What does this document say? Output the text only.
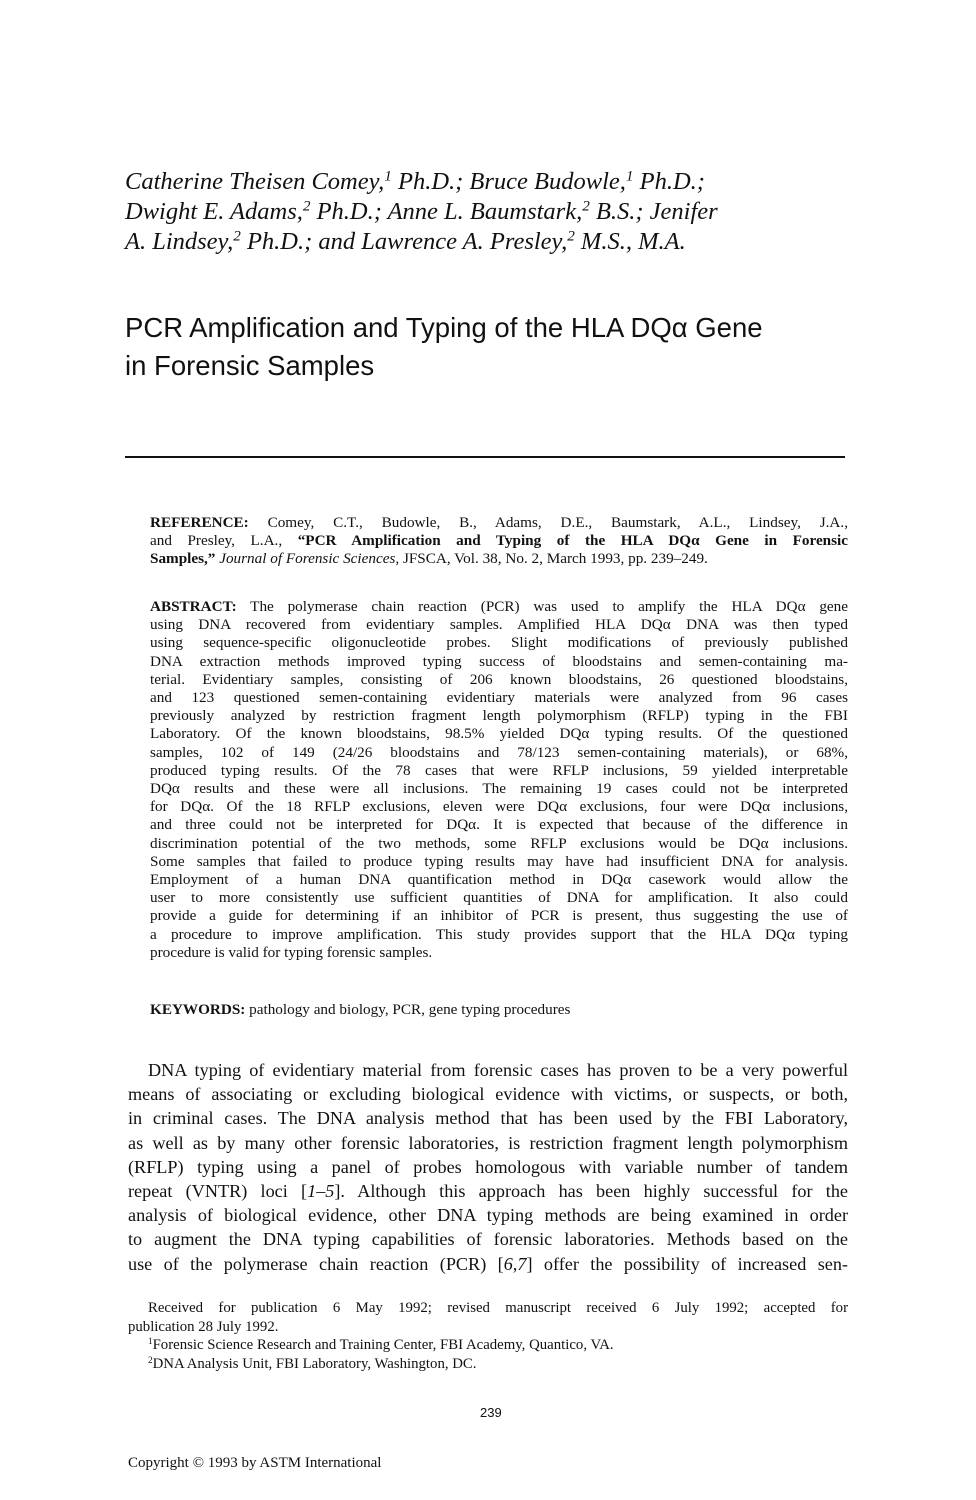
Catherine Theisen Comey,$^1$ Ph.D.; Bruce Budowle,$^1$ Ph.D.;
Dwight E. Adams,$^2$ Ph.D.; Anne L. Baumstark,$^2$ B.S.; Jenifer
A. Lindsey,$^2$ Ph.D.; and Lawrence A. Presley,$^2$ M.S., M.A.
PCR Amplification and Typing of the HLA DQα Gene
in Forensic Samples
REFERENCE: Comey, C.T., Budowle, B., Adams, D.E., Baumstark, A.L., Lindsey, J.A.,
and Presley, L.A., “PCR Amplification and Typing of the HLA DQα Gene in Forensic
Samples,” Journal of Forensic Sciences, JFSCA, Vol. 38, No. 2, March 1993, pp. 239–249.
ABSTRACT: The polymerase chain reaction (PCR) was used to amplify the HLA DQα gene
using DNA recovered from evidentiary samples. Amplified HLA DQα DNA was then typed
using sequence-specific oligonucleotide probes. Slight modifications of previously published
DNA extraction methods improved typing success of bloodstains and semen-containing ma-
terial. Evidentiary samples, consisting of 206 known bloodstains, 26 questioned bloodstains,
and 123 questioned semen-containing evidentiary materials were analyzed from 96 cases
previously analyzed by restriction fragment length polymorphism (RFLP) typing in the FBI
Laboratory. Of the known bloodstains, 98.5% yielded DQα typing results. Of the questioned
samples, 102 of 149 (24/26 bloodstains and 78/123 semen-containing materials), or 68%,
produced typing results. Of the 78 cases that were RFLP inclusions, 59 yielded interpretable
DQα results and these were all inclusions. The remaining 19 cases could not be interpreted
for DQα. Of the 18 RFLP exclusions, eleven were DQα exclusions, four were DQα inclusions,
and three could not be interpreted for DQα. It is expected that because of the difference in
discrimination potential of the two methods, some RFLP exclusions would be DQα inclusions.
Some samples that failed to produce typing results may have had insufficient DNA for analysis.
Employment of a human DNA quantification method in DQα casework would allow the
user to more consistently use sufficient quantities of DNA for amplification. It also could
provide a guide for determining if an inhibitor of PCR is present, thus suggesting the use of
a procedure to improve amplification. This study provides support that the HLA DQα typing
procedure is valid for typing forensic samples.
KEYWORDS: pathology and biology, PCR, gene typing procedures
DNA typing of evidentiary material from forensic cases has proven to be a very powerful
means of associating or excluding biological evidence with victims, or suspects, or both,
in criminal cases. The DNA analysis method that has been used by the FBI Laboratory,
as well as by many other forensic laboratories, is restriction fragment length polymorphism
(RFLP) typing using a panel of probes homologous with variable number of tandem
repeat (VNTR) loci [1–5]. Although this approach has been highly successful for the
analysis of biological evidence, other DNA typing methods are being examined in order
to augment the DNA typing capabilities of forensic laboratories. Methods based on the
use of the polymerase chain reaction (PCR) [6,7] offer the possibility of increased sen-
Received for publication 6 May 1992; revised manuscript received 6 July 1992; accepted for
publication 28 July 1992.
$^1$Forensic Science Research and Training Center, FBI Academy, Quantico, VA.
$^2$DNA Analysis Unit, FBI Laboratory, Washington, DC.
239
Copyright © 1993 by ASTM International
